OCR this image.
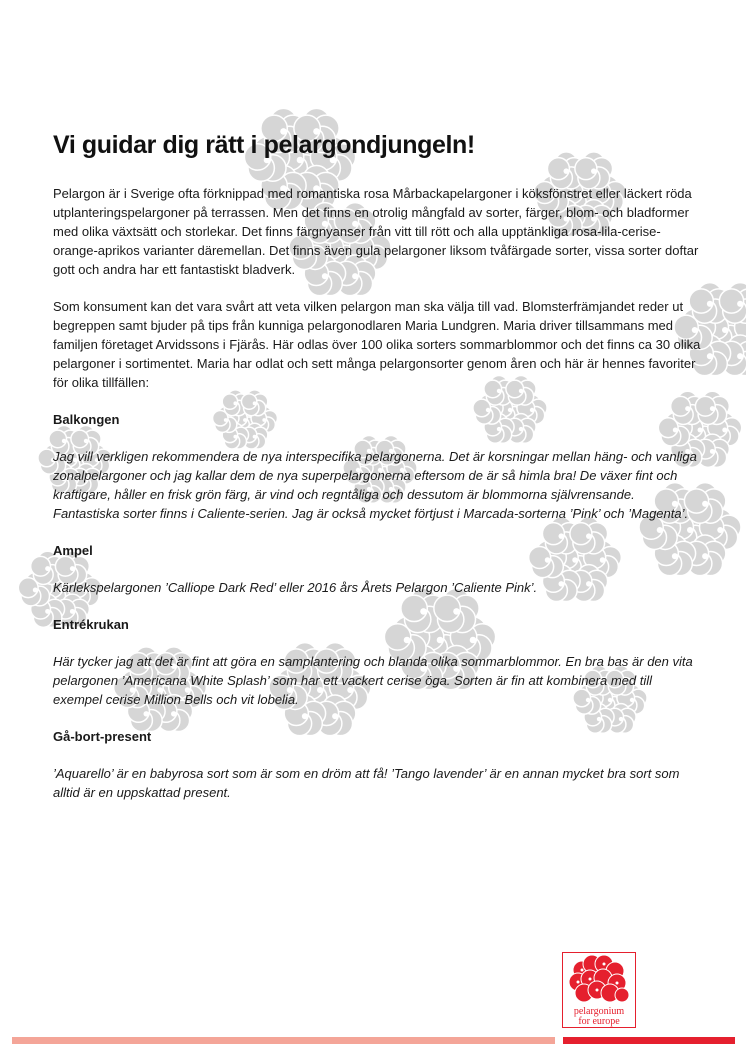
Vi guidar dig rätt i pelargondjungeln!

Pelargon är i Sverige ofta förknippad med romantiska rosa Mårbackapelargoner i köksfönstret eller läckert röda utplanteringspelargoner på terrassen. Men det finns en otrolig mångfald av sorter, färger, blom- och bladformer med olika växtsätt och storlekar. Det finns färgnyanser från vitt till rött och alla upptänkliga rosa-lila-cerise-orange-aprikos varianter däremellan. Det finns även gula pelargoner liksom tvåfärgade sorter, vissa sorter doftar gott och andra har ett fantastiskt bladverk.

Som konsument kan det vara svårt att veta vilken pelargon man ska välja till vad. Blomsterfrämjandet reder ut begreppen samt bjuder på tips från kunniga pelargonodlaren Maria Lundgren. Maria driver tillsammans med familjen företaget Arvidssons i Fjärås. Här odlas över 100 olika sorters sommarblommor och det finns ca 30 olika pelargoner i sortimentet. Maria har odlat och sett många pelargonsorter genom åren och här är hennes favoriter för olika tillfällen:

Balkongen

Jag vill verkligen rekommendera de nya interspecifika pelargonerna. Det är korsningar mellan häng- och vanliga zonalpelargoner och jag kallar dem de nya superpelargonerna eftersom de är så himla bra! De växer fint och kraftigare, håller en frisk grön färg, är vind och regntåliga och dessutom är blommorna självrensande. Fantastiska sorter finns i Caliente-serien. Jag är också mycket förtjust i Marcada-sorterna ’Pink’ och ’Magenta’.

Ampel

Kärlekspelargonen ’Calliope Dark Red’ eller 2016 års Årets Pelargon ’Caliente Pink’.

Entrékrukan

Här tycker jag att det är fint att göra en samplantering och blanda olika sommarblommor. En bra bas är den vita pelargonen ’Americana White Splash’ som har ett vackert cerise öga. Sorten är fin att kombinera med till exempel cerise Million Bells och vit lobelia.

Gå-bort-present

’Aquarello’ är en babyrosa sort som är som en dröm att få! ’Tango lavender’ är en annan mycket bra sort som alltid är en uppskattad present.

pelargonium
for europe
